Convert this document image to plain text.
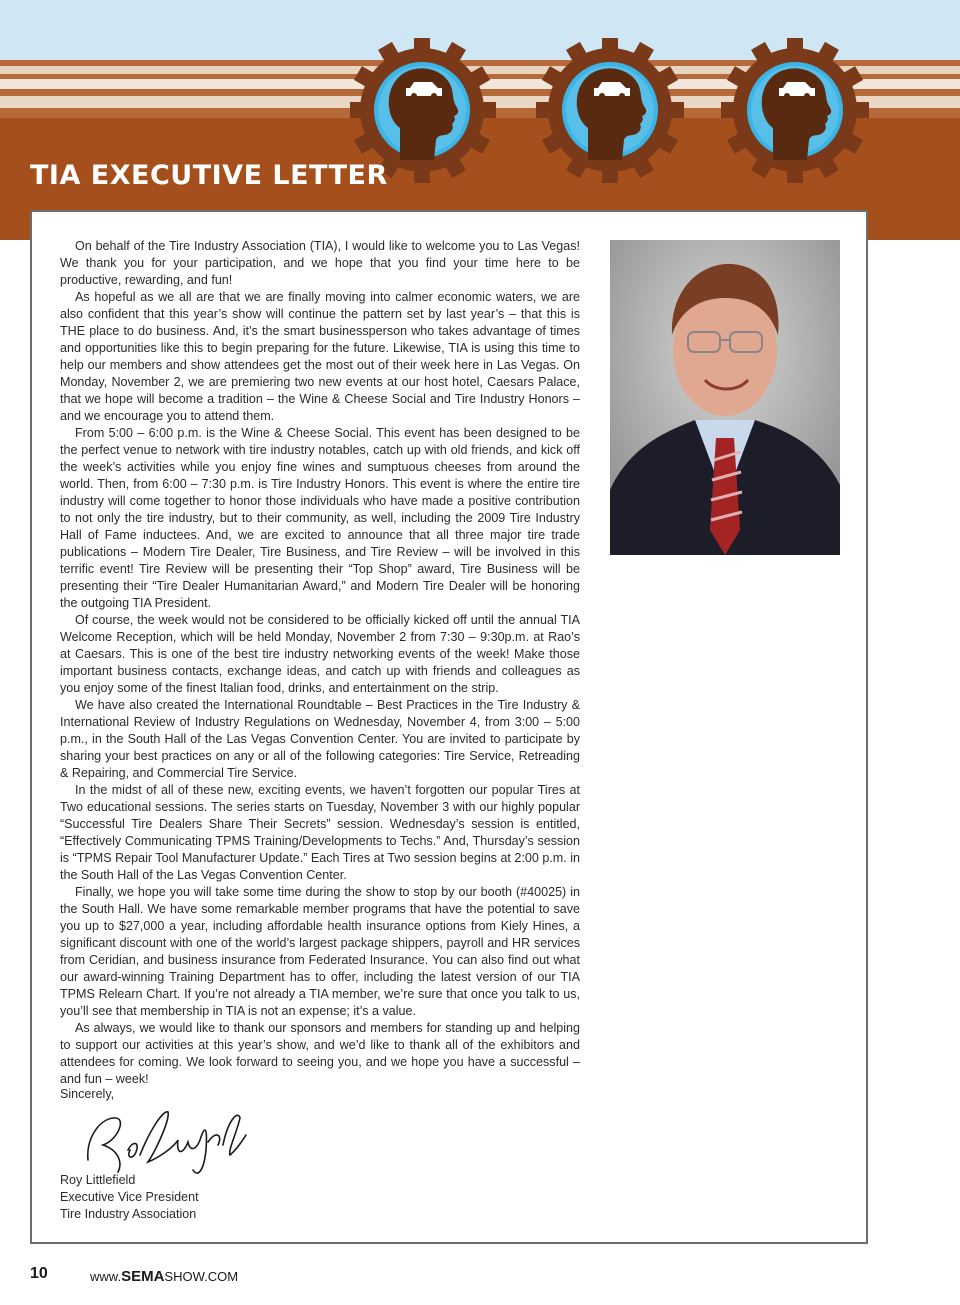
TIA EXECUTIVE LETTER

On behalf of the Tire Industry Association (TIA), I would like to welcome you to Las Vegas! We thank you for your participation, and we hope that you find your time here to be productive, rewarding, and fun!

As hopeful as we all are that we are finally moving into calmer economic waters, we are also confident that this year’s show will continue the pattern set by last year’s – that this is THE place to do business. And, it’s the smart businessperson who takes advantage of times and opportunities like this to begin preparing for the future. Likewise, TIA is using this time to help our members and show attendees get the most out of their week here in Las Vegas. On Monday, November 2, we are premiering two new events at our host hotel, Caesars Palace, that we hope will become a tradition – the Wine & Cheese Social and Tire Industry Honors – and we encourage you to attend them.

From 5:00 – 6:00 p.m. is the Wine & Cheese Social. This event has been designed to be the perfect venue to network with tire industry notables, catch up with old friends, and kick off the week’s activities while you enjoy fine wines and sumptuous cheeses from around the world. Then, from 6:00 – 7:30 p.m. is Tire Industry Honors. This event is where the entire tire industry will come together to honor those individuals who have made a positive contribution to not only the tire industry, but to their community, as well, including the 2009 Tire Industry Hall of Fame inductees. And, we are excited to announce that all three major tire trade publications – Modern Tire Dealer, Tire Business, and Tire Review – will be involved in this terrific event! Tire Review will be presenting their “Top Shop” award, Tire Business will be presenting their “Tire Dealer Humanitarian Award,” and Modern Tire Dealer will be honoring the outgoing TIA President.

Of course, the week would not be considered to be officially kicked off until the annual TIA Welcome Reception, which will be held Monday, November 2 from 7:30 – 9:30p.m. at Rao’s at Caesars. This is one of the best tire industry networking events of the week! Make those important business contacts, exchange ideas, and catch up with friends and colleagues as you enjoy some of the finest Italian food, drinks, and entertainment on the strip.

We have also created the International Roundtable – Best Practices in the Tire Industry & International Review of Industry Regulations on Wednesday, November 4, from 3:00 – 5:00 p.m., in the South Hall of the Las Vegas Convention Center. You are invited to participate by sharing your best practices on any or all of the following categories: Tire Service, Retreading & Repairing, and Commercial Tire Service.

In the midst of all of these new, exciting events, we haven’t forgotten our popular Tires at Two educational sessions. The series starts on Tuesday, November 3 with our highly popular “Successful Tire Dealers Share Their Secrets” session. Wednesday’s session is entitled, “Effectively Communicating TPMS Training/Developments to Techs.” And, Thursday’s session is “TPMS Repair Tool Manufacturer Update.” Each Tires at Two session begins at 2:00 p.m. in the South Hall of the Las Vegas Convention Center.

Finally, we hope you will take some time during the show to stop by our booth (#40025) in the South Hall. We have some remarkable member programs that have the potential to save you up to $27,000 a year, including affordable health insurance options from Kiely Hines, a significant discount with one of the world’s largest package shippers, payroll and HR services from Ceridian, and business insurance from Federated Insurance. You can also find out what our award-winning Training Department has to offer, including the latest version of our TIA TPMS Relearn Chart. If you’re not already a TIA member, we’re sure that once you talk to us, you’ll see that membership in TIA is not an expense; it’s a value.

As always, we would like to thank our sponsors and members for standing up and helping to support our activities at this year’s show, and we’d like to thank all of the exhibitors and attendees for coming. We look forward to seeing you, and we hope you have a successful – and fun – week!

Sincerely,
Roy Littlefield
Executive Vice President
Tire Industry Association
10	www.SEMASHOW.COM
